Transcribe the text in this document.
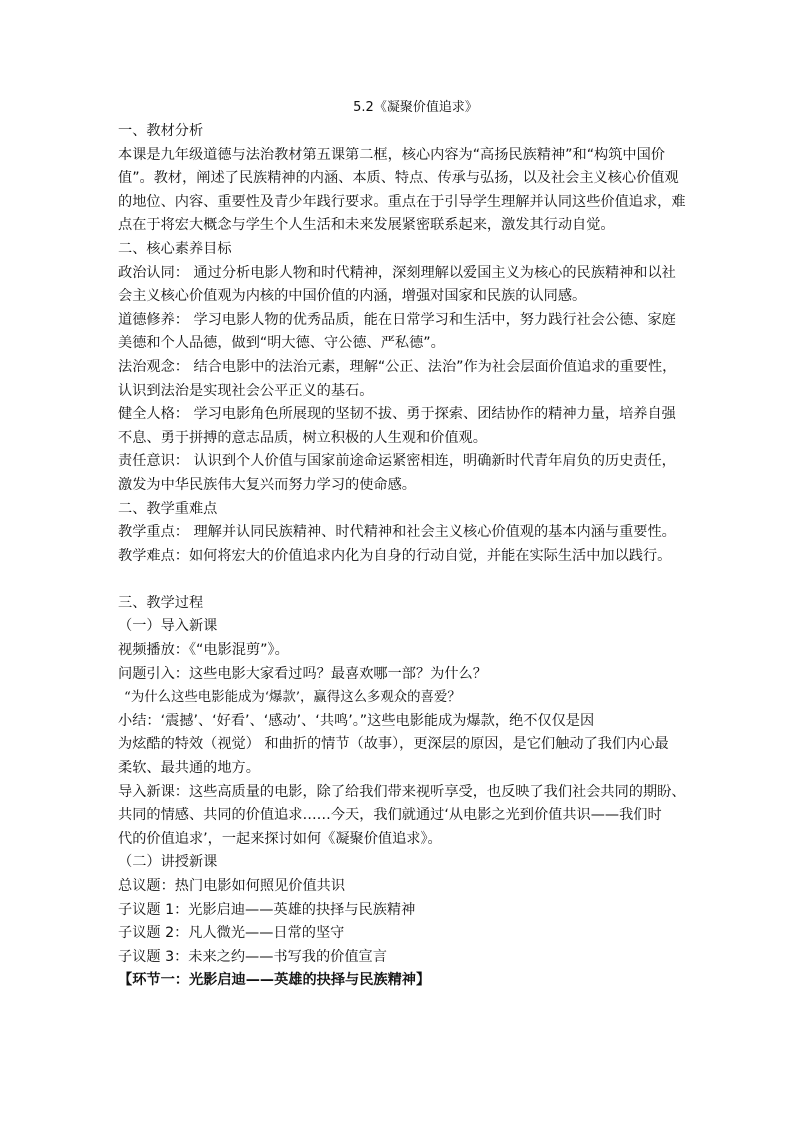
5.2《凝聚价值追求》
一、教材分析
本课是九年级道德与法治教材第五课第二框，核心内容为“高扬民族精神”和“构筑中国价
值”。教材，阐述了民族精神的内涵、本质、特点、传承与弘扬，以及社会主义核心价值观
的地位、内容、重要性及青少年践行要求。重点在于引导学生理解并认同这些价值追求，难
点在于将宏大概念与学生个人生活和未来发展紧密联系起来，激发其行动自觉。
二、核心素养目标
政治认同： 通过分析电影人物和时代精神，深刻理解以爱国主义为核心的民族精神和以社
会主义核心价值观为内核的中国价值的内涵，增强对国家和民族的认同感。
道德修养： 学习电影人物的优秀品质，能在日常学习和生活中，努力践行社会公德、家庭
美德和个人品德，做到“明大德、守公德、严私德”。
法治观念： 结合电影中的法治元素，理解“公正、法治”作为社会层面价值追求的重要性，
认识到法治是实现社会公平正义的基石。
健全人格： 学习电影角色所展现的坚韧不拔、勇于探索、团结协作的精神力量，培养自强
不息、勇于拼搏的意志品质，树立积极的人生观和价值观。
责任意识： 认识到个人价值与国家前途命运紧密相连，明确新时代青年肩负的历史责任，
激发为中华民族伟大复兴而努力学习的使命感。
二、教学重难点
教学重点： 理解并认同民族精神、时代精神和社会主义核心价值观的基本内涵与重要性。
教学难点：如何将宏大的价值追求内化为自身的行动自觉，并能在实际生活中加以践行。
三、教学过程
（一）导入新课
视频播放：《“电影混剪”》。
问题引入：这些电影大家看过吗？最喜欢哪一部？为什么？
“为什么这些电影能成为‘爆款’，赢得这么多观众的喜爱？
小结：‘震撼’、‘好看’、‘感动’、‘共鸣’。”这些电影能成为爆款，绝不仅仅是因
为炫酷的特效（视觉） 和曲折的情节（故事），更深层的原因，是它们触动了我们内心最
柔软、最共通的地方。
导入新课：这些高质量的电影，除了给我们带来视听享受，也反映了我们社会共同的期盼、
共同的情感、共同的价值追求……今天，我们就通过‘从电影之光到价值共识——我们时
代的价值追求’，一起来探讨如何《凝聚价值追求》。
（二）讲授新课
总议题：热门电影如何照见价值共识
子议题 1：光影启迪——英雄的抉择与民族精神
子议题 2：凡人微光——日常的坚守
子议题 3：未来之约——书写我的价值宣言
【环节一：光影启迪——英雄的抉择与民族精神】
